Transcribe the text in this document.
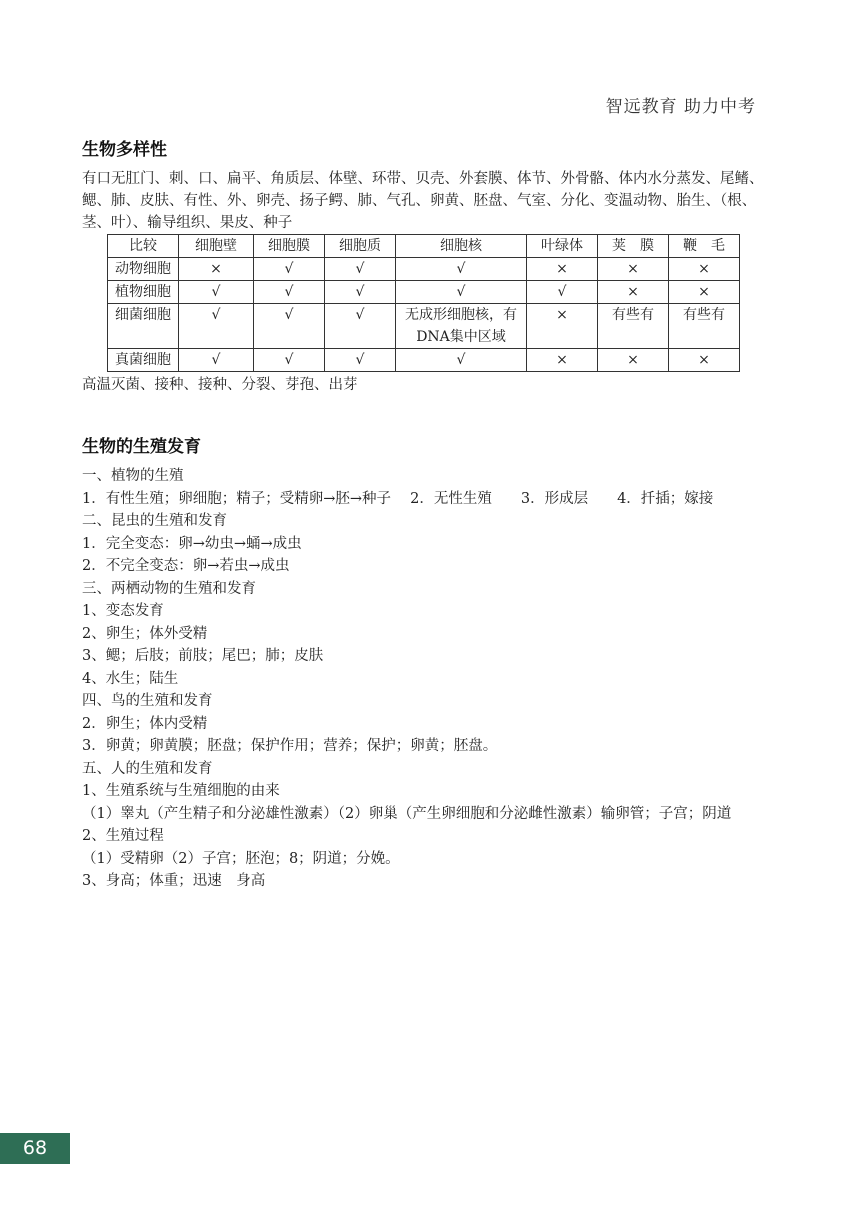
智远教育 助力中考
生物多样性
有口无肛门、刺、口、扁平、角质层、体壁、环带、贝壳、外套膜、体节、外骨骼、体内水分蒸发、尾鳍、鳃、肺、皮肤、有性、外、卵壳、扬子鳄、肺、气孔、卵黄、胚盘、气室、分化、变温动物、胎生、（根、茎、叶）、输导组织、果皮、种子
比较	细胞壁	细胞膜	细胞质	细胞核	叶绿体	荚　膜	鞭　毛
动物细胞	×	√	√	√	×	×	×
植物细胞	√	√	√	√	√	×	×
细菌细胞	√	√	√	无成形细胞核，有DNA集中区域	×	有些有	有些有
真菌细胞	√	√	√	√	×	×	×
高温灭菌、接种、接种、分裂、芽孢、出芽
生物的生殖发育
一、植物的生殖
1．有性生殖；卵细胞；精子；受精卵→胚→种子　 2．无性生殖　　3．形成层　　4．扦插；嫁接
二、昆虫的生殖和发育
1．完全变态：卵→幼虫→蛹→成虫
2．不完全变态：卵→若虫→成虫
三、两栖动物的生殖和发育
1、变态发育
2、卵生；体外受精
3、鳃；后肢；前肢；尾巴；肺；皮肤
4、水生；陆生
四、鸟的生殖和发育
2．卵生；体内受精
3．卵黄；卵黄膜；胚盘；保护作用；营养；保护；卵黄；胚盘。
五、人的生殖和发育
1、生殖系统与生殖细胞的由来
（1）睾丸（产生精子和分泌雄性激素）（2）卵巢（产生卵细胞和分泌雌性激素）输卵管；子宫；阴道
2、生殖过程
（1）受精卵（2）子宫；胚泡；8；阴道；分娩。
3、身高；体重；迅速　身高
68
